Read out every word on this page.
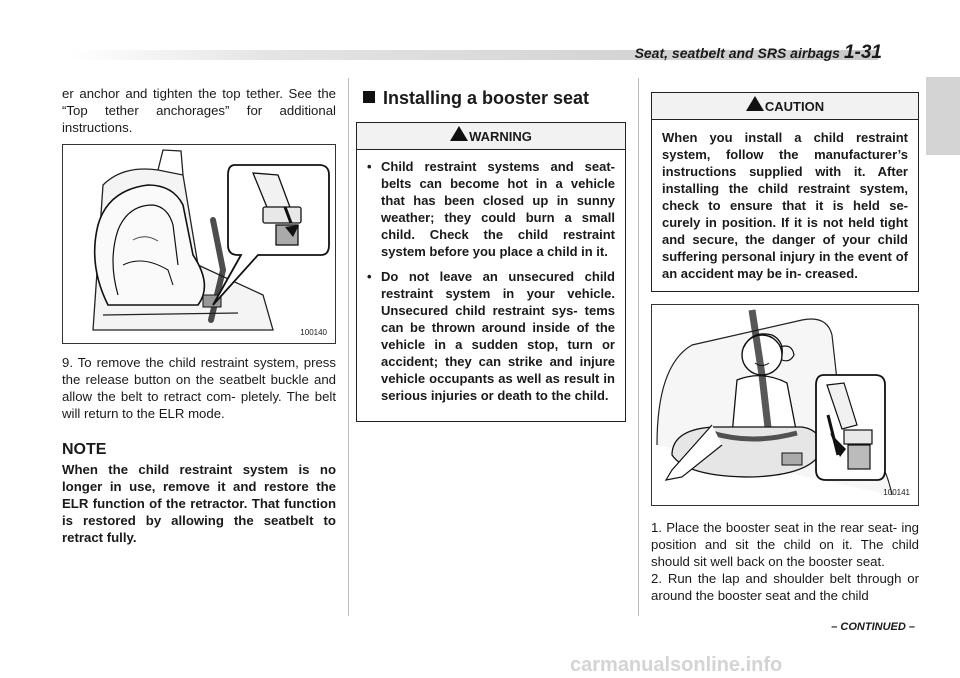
Seat, seatbelt and SRS airbags 1-31
er anchor and tighten the top tether. See the “Top tether anchorages” for additional instructions.
100140
9. To remove the child restraint system, press the release button on the seatbelt buckle and allow the belt to retract com- pletely. The belt will return to the ELR mode.
NOTE
When the child restraint system is no longer in use, remove it and restore the ELR function of the retractor. That function is restored by allowing the seatbelt to retract fully.
Installing a booster seat
WARNING
• Child restraint systems and seat- belts can become hot in a vehicle that has been closed up in sunny weather; they could burn a small child. Check the child restraint system before you place a child in it.
• Do not leave an unsecured child restraint system in your vehicle. Unsecured child restraint sys- tems can be thrown around inside of the vehicle in a sudden stop, turn or accident; they can strike and injure vehicle occupants as well as result in serious injuries or death to the child.
CAUTION
When you install a child restraint system, follow the manufacturer’s instructions supplied with it. After installing the child restraint system, check to ensure that it is held se- curely in position. If it is not held tight and secure, the danger of your child suffering personal injury in the event of an accident may be in- creased.
100141
1. Place the booster seat in the rear seat- ing position and sit the child on it. The child should sit well back on the booster seat.
2. Run the lap and shoulder belt through or around the booster seat and the child
– CONTINUED –
carmanualsonline.info
